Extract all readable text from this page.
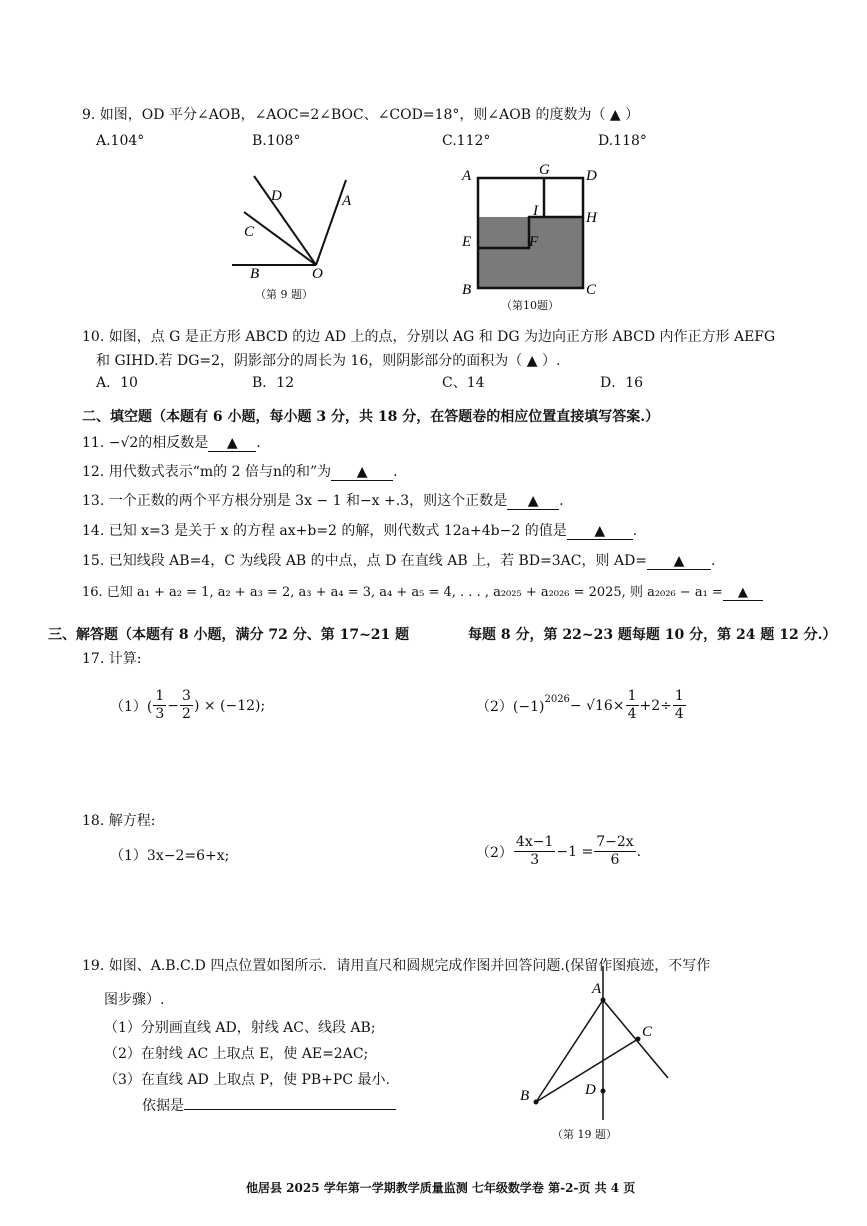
9. 如图，OD 平分∠AOB，∠AOC=2∠BOC、∠COD=18°，则∠AOB 的度数为（ ▲ ）
A.104°	B.108°	C.112°	D.118°
D	A
C
B	O
（第 9 题）
A	G D
I	H
E	F
B	C
（第10题）
10. 如图，点 G 是正方形 ABCD 的边 AD 上的点，分别以 AG 和 DG 为边向正方形 ABCD 内作正方形 AEFG
和 GIHD.若 DG=2，阴影部分的周长为 16，则阴影部分的面积为（ ▲ ）.
A．10	B．12	C、14	D．16
二、填空题（本题有 6 小题，每小题 3 分，共 18 分，在答题卷的相应位置直接填写答案.）
11. −√2的相反数是 ▲ .
12. 用代数式表示“m的 2 倍与n的和”为 ▲ .
13. 一个正数的两个平方根分别是 3x − 1 和−x +.3，则这个正数是 ▲ .
14. 已知 x=3 是关于 x 的方程 ax+b=2 的解，则代数式 12a+4b−2 的值是 ▲ .
15. 已知线段 AB=4，C 为线段 AB 的中点，点 D 在直线 AB 上，若 BD=3AC，则 AD= ▲ .
16. 已知 a₁ + a₂ = 1, a₂ + a₃ = 2, a₃ + a₄ = 3, a₄ + a₅ = 4, . . . , a₂₀₂₅ + a₂₀₂₆ = 2025, 则 a₂₀₂₆ − a₁ = ▲
三、解答题（本题有 8 小题，满分 72 分、第 17~21 题	每题 8 分，第 22~23 题每题 10 分，第 24 题 12 分.）
17. 计算:
$(1)( \frac{1}{3} - \frac{3}{2}$ ) × (−12);	$(2)(-1)^{2026} - √16\times \frac{1}{4} +2\div \frac{1}{4}$
18. 解方程:
（1）3x−2=6+x;	$(2) \frac{4x-1}{3} -1 = \frac{7-2x}{6}$ .
19. 如图、A.B.C.D 四点位置如图所示．请用直尺和圆规完成作图并回答问题.(保留作图痕迹，不写作
图步骤）.
（1）分别画直线 AD，射线 AC、线段 AB;
（2）在射线 AC 上取点 E，使 AE=2AC;
（3）在直线 AD 上取点 P，使 PB+PC 最小.
依据是
A
C
D
B
（第 19 题）
他居县 2025 学年第一学期教学质量监测 七年级数学卷 第-2-页 共 4 页
